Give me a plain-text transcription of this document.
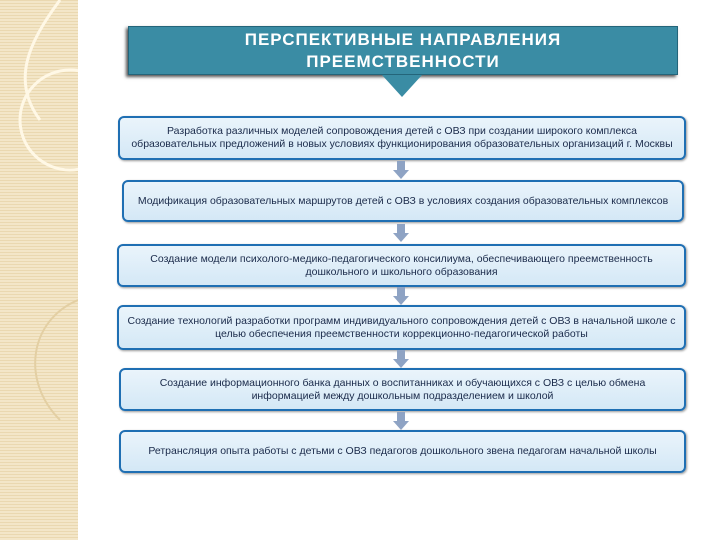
ПЕРСПЕКТИВНЫЕ НАПРАВЛЕНИЯ
ПРЕЕМСТВЕННОСТИ
Разработка различных моделей сопровождения детей с ОВЗ при создании широкого комплекса образовательных предложений в новых условиях функционирования образовательных организаций г. Москвы
Модификация образовательных маршрутов детей с ОВЗ в условиях создания образовательных комплексов
Создание модели психолого-медико-педагогического консилиума, обеспечивающего преемственность дошкольного и школьного образования
Создание технологий разработки программ индивидуального сопровождения детей с ОВЗ в начальной школе с целью обеспечения преемственности коррекционно-педагогической работы
Создание информационного банка данных о воспитанниках и обучающихся с ОВЗ с целью обмена информацией между дошкольным подразделением и школой
Ретрансляция опыта работы с детьми с ОВЗ педагогов дошкольного звена педагогам начальной школы
